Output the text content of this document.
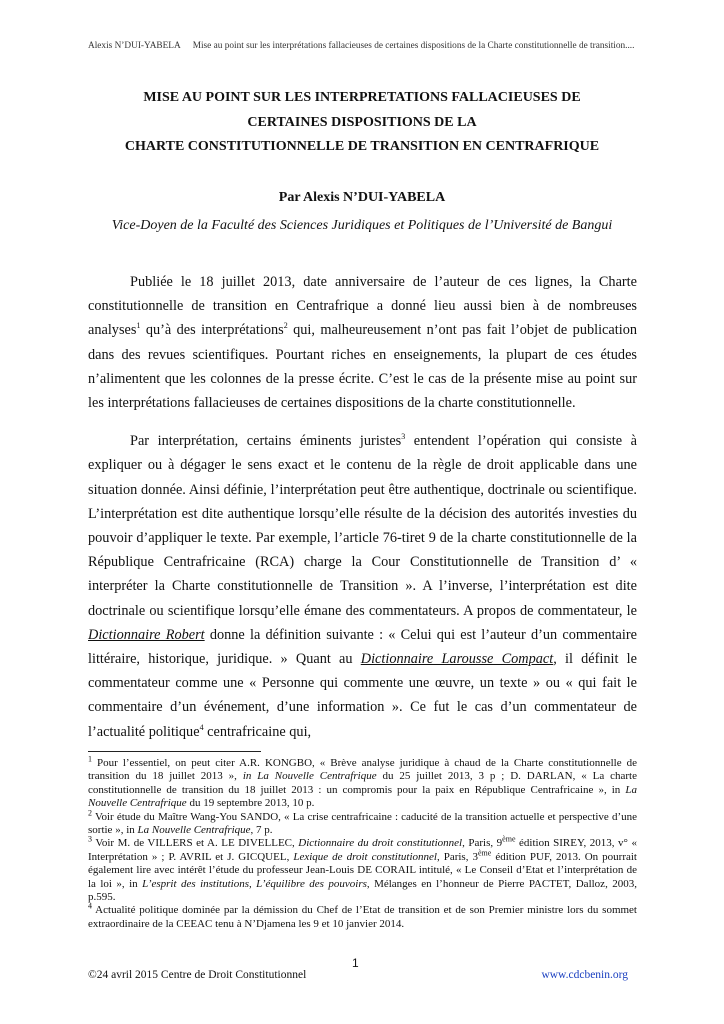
Alexis N’DUI-YABELA Mise au point sur les interprétations fallacieuses de certaines dispositions de la Charte constitutionnelle de transition....
MISE AU POINT SUR LES INTERPRETATIONS FALLACIEUSES DE
CERTAINES DISPOSITIONS DE LA
CHARTE CONSTITUTIONNELLE DE TRANSITION EN CENTRAFRIQUE
Par Alexis N’DUI-YABELA
Vice-Doyen de la Faculté des Sciences Juridiques et Politiques de l’Université de Bangui

Publiée le 18 juillet 2013, date anniversaire de l’auteur de ces lignes, la Charte constitutionnelle de transition en Centrafrique a donné lieu aussi bien à de nombreuses analyses$^1$ qu’à des interprétations$^2$ qui, malheureusement n’ont pas fait l’objet de publication dans des revues scientifiques. Pourtant riches en enseignements, la plupart de ces études n’alimentent que les colonnes de la presse écrite. C’est le cas de la présente mise au point sur les interprétations fallacieuses de certaines dispositions de la charte constitutionnelle.

Par interprétation, certains éminents juristes$^3$ entendent l’opération qui consiste à expliquer ou à dégager le sens exact et le contenu de la règle de droit applicable dans une situation donnée. Ainsi définie, l’interprétation peut être authentique, doctrinale ou scientifique. L’interprétation est dite authentique lorsqu’elle résulte de la décision des autorités investies du pouvoir d’appliquer le texte. Par exemple, l’article 76-tiret 9 de la charte constitutionnelle de la République Centrafricaine (RCA) charge la Cour Constitutionnelle de Transition d’ « interpréter la Charte constitutionnelle de Transition ». A l’inverse, l’interprétation est dite doctrinale ou scientifique lorsqu’elle émane des commentateurs. A propos de commentateur, le Dictionnaire Robert donne la définition suivante : « Celui qui est l’auteur d’un commentaire littéraire, historique, juridique. » Quant au Dictionnaire Larousse Compact, il définit le commentateur comme une « Personne qui commente une œuvre, un texte » ou « qui fait le commentaire d’un événement, d’une information ». Ce fut le cas d’un commentateur de l’actualité politique$^4$ centrafricaine qui,

$^1$ Pour l’essentiel, on peut citer A.R. KONGBO, « Brève analyse juridique à chaud de la Charte constitutionnelle de transition du 18 juillet 2013 », in La Nouvelle Centrafrique du 25 juillet 2013, 3 p ; D. DARLAN, « La charte constitutionnelle de transition du 18 juillet 2013 : un compromis pour la paix en République Centrafricaine », in La Nouvelle Centrafrique du 19 septembre 2013, 10 p.

$^2$ Voir étude du Maître Wang-You SANDO, « La crise centrafricaine : caducité de la transition actuelle et perspective d’une sortie », in La Nouvelle Centrafrique, 7 p.

$^3$ Voir M. de VILLERS et A. LE DIVELLEC, Dictionnaire du droit constitutionnel, Paris, 9ème édition SIREY, 2013, v° « Interprétation » ; P. AVRIL et J. GICQUEL, Lexique de droit constitutionnel, Paris, 3ème édition PUF, 2013. On pourrait également lire avec intérêt l’étude du professeur Jean-Louis DE CORAIL intitulé, « Le Conseil d’Etat et l’interprétation de la loi », in L’esprit des institutions, L’équilibre des pouvoirs, Mélanges en l’honneur de Pierre PACTET, Dalloz, 2003, p.595.

$^4$ Actualité politique dominée par la démission du Chef de l’Etat de transition et de son Premier ministre lors du sommet extraordinaire de la CEEAC tenu à N’Djamena les 9 et 10 janvier 2014.

1
©24 avril 2015 Centre de Droit Constitutionnel	www.cdcbenin.org
